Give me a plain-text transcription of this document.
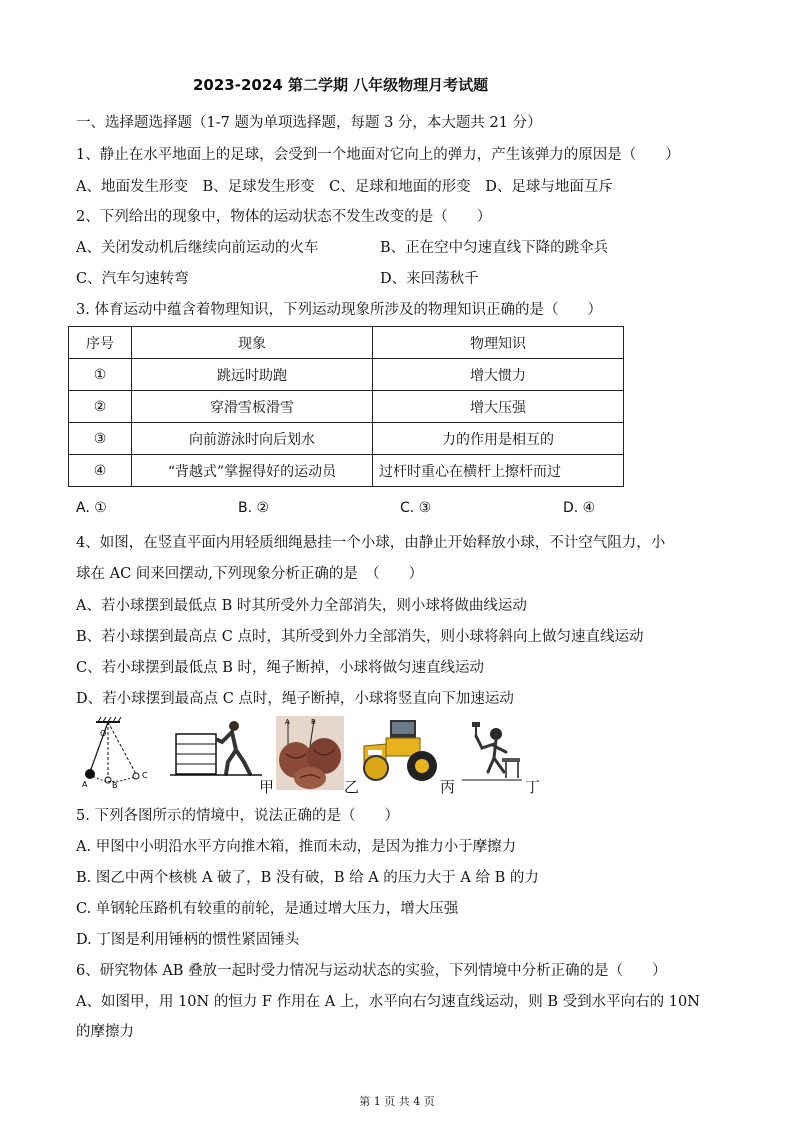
2023-2024 第二学期 八年级物理月考试题
一、选择题选择题（1-7 题为单项选择题，每题 3 分，本大题共 21 分）
1、静止在水平地面上的足球，会受到一个地面对它向上的弹力，产生该弹力的原因是（　　）
A、地面发生形变　B、足球发生形变　C、足球和地面的形变　D、足球与地面互斥
2、下列给出的现象中，物体的运动状态不发生改变的是（　　）
A、关闭发动机后继续向前运动的火车	B、正在空中匀速直线下降的跳伞兵
C、汽车匀速转弯	D、来回荡秋千
3. 体育运动中蕴含着物理知识，下列运动现象所涉及的物理知识正确的是（　　）
序号	现象	物理知识
①	跳远时助跑	增大惯力
②	穿滑雪板滑雪	增大压强
③	向前游泳时向后划水	力的作用是相互的
④	“背越式”掌握得好的运动员	过杆时重心在横杆上擦杆而过
A. ①	B. ②	C. ③	D. ④
4、如图，在竖直平面内用轻质细绳悬挂一个小球，由静止开始释放小球，不计空气阻力，小
球在 AC 间来回摆动,下列现象分析正确的是　（　　）
A、若小球摆到最低点 B 时其所受外力全部消失，则小球将做曲线运动
B、若小球摆到最高点 C 点时，其所受到外力全部消失，则小球将斜向上做匀速直线运动
C、若小球摆到最低点 B 时，绳子断掉，小球将做匀速直线运动
D、若小球摆到最高点 C 点时，绳子断掉，小球将竖直向下加速运动
O
A	B
C
甲
A	B
乙	丙	丁
5. 下列各图所示的情境中，说法正确的是（　　）
A. 甲图中小明沿水平方向推木箱，推而未动，是因为推力小于摩擦力
B. 图乙中两个核桃 A 破了，B 没有破，B 给 A 的压力大于 A 给 B 的力
C. 单钢轮压路机有较重的前轮，是通过增大压力，增大压强
D. 丁图是利用锤柄的惯性紧固锤头
6、研究物体 AB 叠放一起时受力情况与运动状态的实验，下列情境中分析正确的是（　　）
A、如图甲，用 10N 的恒力 F 作用在 A 上，水平向右匀速直线运动，则 B 受到水平向右的 10N
的摩擦力
第 1 页 共 4 页
